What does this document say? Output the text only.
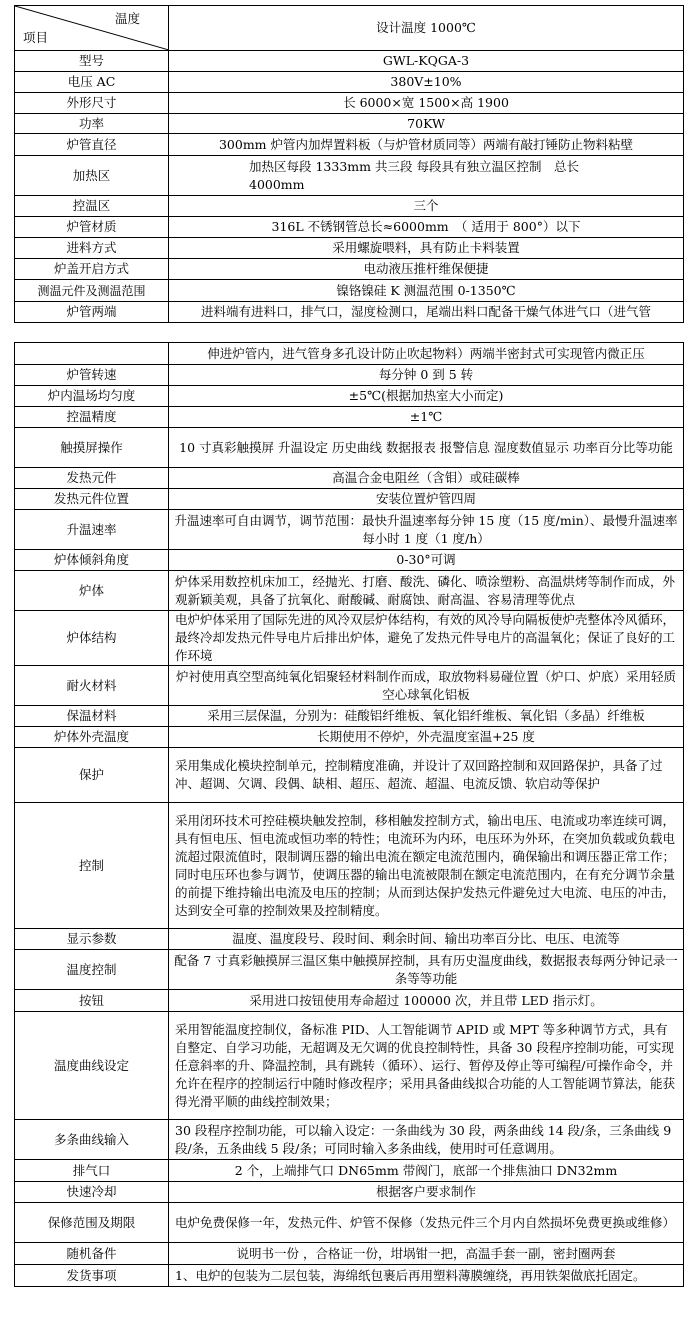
温度
项目	设计温度 1000℃
型号	GWL-KQGA-3
电压 AC	380V±10%
外形尺寸	长 6000×宽 1500×高 1900
功率	70KW
炉管直径	300mm 炉管内加焊置料板（与炉管材质同等）两端有敲打锤防止物料粘壁
加热区	加热区每段 1333mm 共三段 每段具有独立温区控制　总长 4000mm
控温区	三个
炉管材质	316L 不锈钢管总长≈6000mm　（ 适用于 800°）以下
进料方式	采用螺旋喂料，具有防止卡料装置
炉盖开启方式	电动液压推杆维保便捷
测温元件及测温范围	镍铬镍硅 K 测温范围 0-1350℃
炉管两端	进料端有进料口，排气口，湿度检测口，尾端出料口配备干燥气体进气口（进气管
	伸进炉管内，进气管身多孔设计防止吹起物料）两端半密封式可实现管内微正压
炉管转速	每分钟 0 到 5 转
炉内温场均匀度	±5℃(根据加热室大小而定)
控温精度	±1℃
触摸屏操作	10 寸真彩触摸屏 升温设定 历史曲线 数据报表 报警信息 湿度数值显示 功率百分比等功能
发热元件	高温合金电阻丝（含钼）或硅碳棒
发热元件位置	安装位置炉管四周
升温速率	升温速率可自由调节，调节范围：最快升温速率每分钟 15 度（15 度/min）、最慢升温速率每小时 1 度（1 度/h）
炉体倾斜角度	0-30°可调
炉体	炉体采用数控机床加工，经抛光、打磨、酸洗、磷化、喷涂塑粉、高温烘烤等制作而成，外观新颖美观，具备了抗氧化、耐酸碱、耐腐蚀、耐高温、容易清理等优点
炉体结构	电炉炉体采用了国际先进的风冷双层炉体结构，有效的风冷导向隔板使炉壳整体冷风循环，最终冷却发热元件导电片后排出炉体，避免了发热元件导电片的高温氧化；保证了良好的工作环境
耐火材料	炉衬使用真空型高纯氧化铝聚轻材料制作而成，取放物料易碰位置（炉口、炉底）采用轻质空心球氧化铝板
保温材料	采用三层保温，分别为：硅酸铝纤维板、氧化铝纤维板、氧化铝（多晶）纤维板
炉体外壳温度	长期使用不停炉，外壳温度室温+25 度
保护	采用集成化模块控制单元，控制精度准确，并设计了双回路控制和双回路保护，具备了过冲、超调、欠调、段偶、缺相、超压、超流、超温、电流反馈、软启动等保护
控制	采用闭环技术可控硅模块触发控制，移相触发控制方式，输出电压、电流或功率连续可调，具有恒电压、恒电流或恒功率的特性；电流环为内环，电压环为外环，在突加负载或负载电流超过限流值时，限制调压器的输出电流在额定电流范围内，确保输出和调压器正常工作；同时电压环也参与调节，使调压器的输出电流被限制在额定电流范围内，在有充分调节余量的前提下维持输出电流及电压的控制；从而到达保护发热元件避免过大电流、电压的冲击，达到安全可靠的控制效果及控制精度。
显示参数	温度、温度段号、段时间、剩余时间、输出功率百分比、电压、电流等
温度控制	配备 7 寸真彩触摸屏三温区集中触摸屏控制，具有历史温度曲线，数据报表每两分钟记录一条等等功能
按钮	采用进口按钮使用寿命超过 100000 次，并且带 LED 指示灯。
温度曲线设定	采用智能温度控制仪，备标准 PID、人工智能调节 APID 或 MPT 等多种调节方式，具有自整定、自学习功能，无超调及无欠调的优良控制特性，具备 30 段程序控制功能，可实现任意斜率的升、降温控制，具有跳转（循环）、运行、暂停及停止等可编程/可操作命令，并允许在程序的控制运行中随时修改程序；采用具备曲线拟合功能的人工智能调节算法，能获得光滑平顺的曲线控制效果；
多条曲线输入	30 段程序控制功能，可以输入设定：一条曲线为 30 段，两条曲线 14 段/条，三条曲线 9 段/条，五条曲线 5 段/条；可同时输入多条曲线，使用时可任意调用。
排气口	2 个，上端排气口 DN65mm 带阀门，底部一个排焦油口 DN32mm
快速冷却	根据客户要求制作
保修范围及期限	电炉免费保修一年，发热元件、炉管不保修（发热元件三个月内自然损坏免费更换或维修）
随机备件	说明书一份 ，合格证一份，坩埚钳一把，高温手套一副，密封圈两套
发货事项	1、电炉的包装为二层包装，海绵纸包裹后再用塑料薄膜缠绕，再用铁架做底托固定。
